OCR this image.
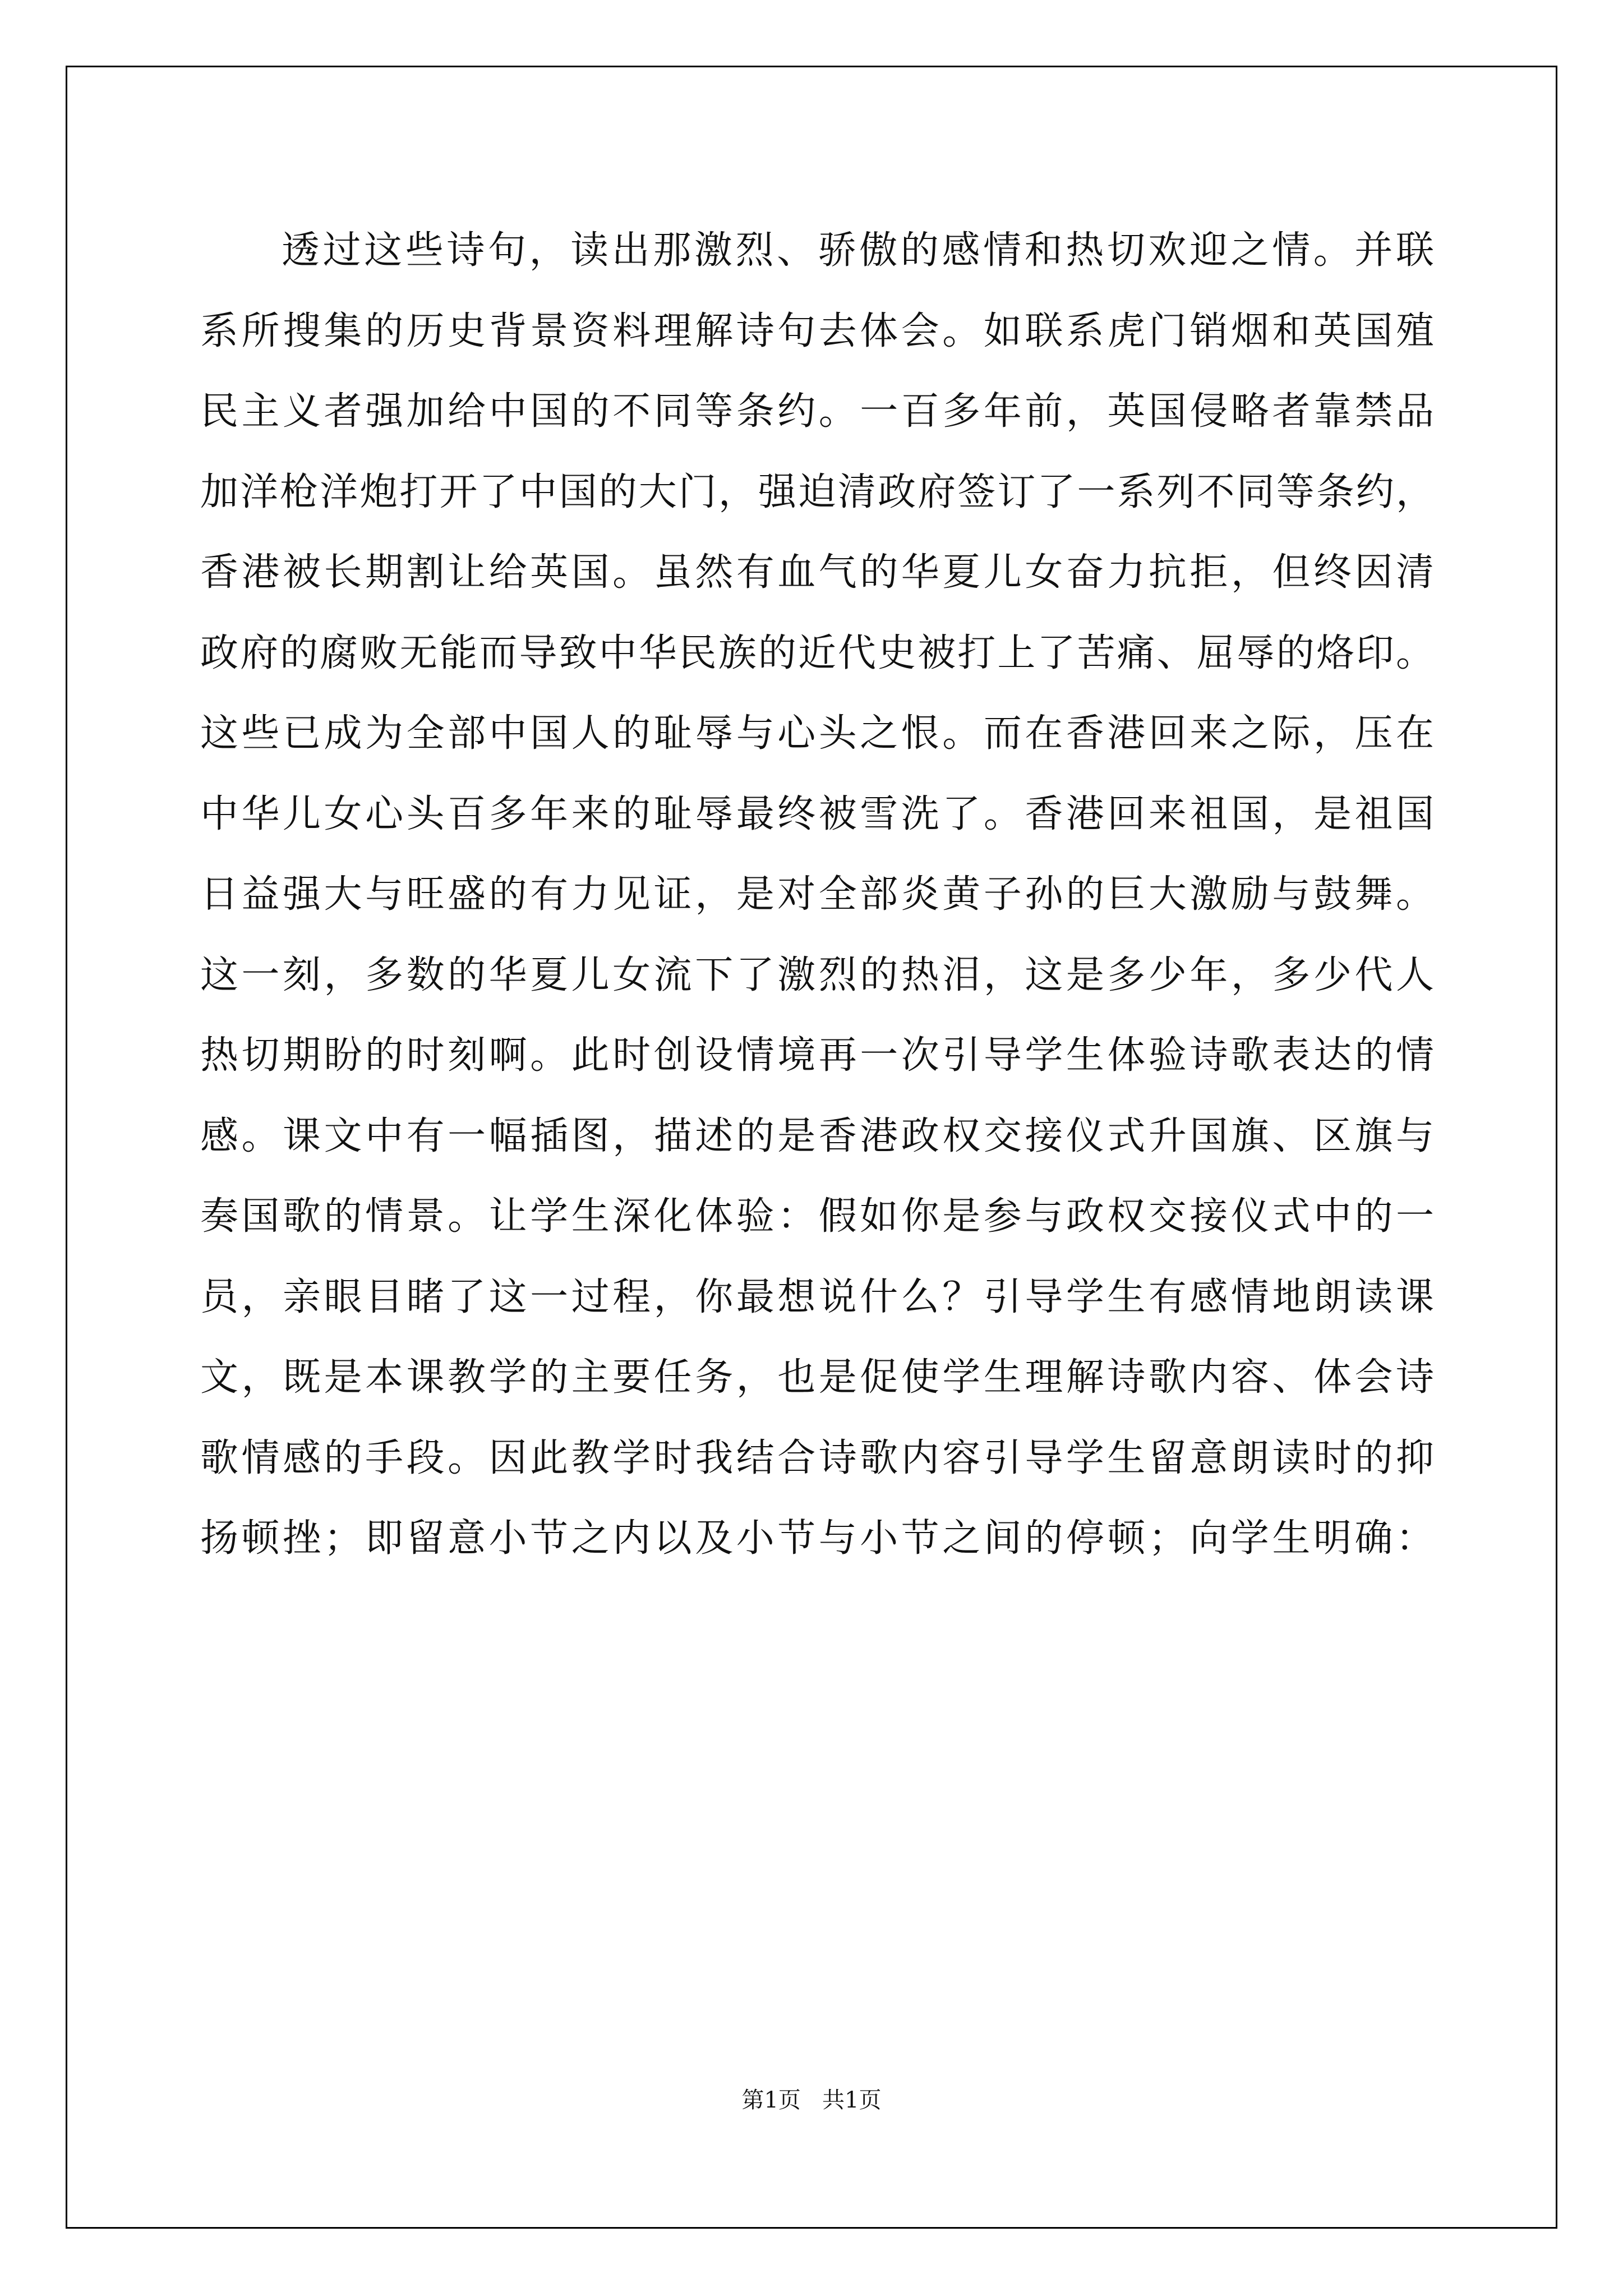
透过这些诗句，读出那激烈、骄傲的感情和热切欢迎之情。并联
系所搜集的历史背景资料理解诗句去体会。如联系虎门销烟和英国殖
民主义者强加给中国的不同等条约。一百多年前，英国侵略者靠禁品
加洋枪洋炮打开了中国的大门，强迫清政府签订了一系列不同等条约，
香港被长期割让给英国。虽然有血气的华夏儿女奋力抗拒，但终因清
政府的腐败无能而导致中华民族的近代史被打上了苦痛、屈辱的烙印。
这些已成为全部中国人的耻辱与心头之恨。而在香港回来之际，压在
中华儿女心头百多年来的耻辱最终被雪洗了。香港回来祖国，是祖国
日益强大与旺盛的有力见证，是对全部炎黄子孙的巨大激励与鼓舞。
这一刻，多数的华夏儿女流下了激烈的热泪，这是多少年，多少代人
热切期盼的时刻啊。此时创设情境再一次引导学生体验诗歌表达的情
感。课文中有一幅插图，描述的是香港政权交接仪式升国旗、区旗与
奏国歌的情景。让学生深化体验：假如你是参与政权交接仪式中的一
员，亲眼目睹了这一过程，你最想说什么？引导学生有感情地朗读课
文，既是本课教学的主要任务，也是促使学生理解诗歌内容、体会诗
歌情感的手段。因此教学时我结合诗歌内容引导学生留意朗读时的抑
扬顿挫；即留意小节之内以及小节与小节之间的停顿；向学生明确：
第1页   共1页
